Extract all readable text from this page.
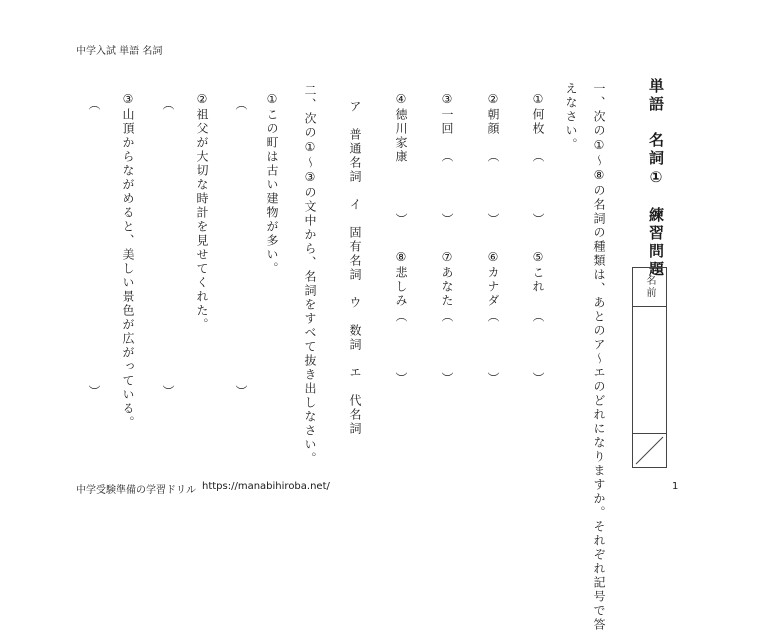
中学入試 単語 名詞
単語　名詞①　練習問題
名前
一、次の①〜⑧の名詞の種類は、あとのア〜エのどれになりますか。それぞれ記号で答
えなさい。
①何枚
②朝顔
③一回
④徳川家康	（
）
（
）
（
）
）
⑤これ
⑥カナダ
⑦あなた
⑧悲しみ
（
）
（
）
（
）
（
）
ア　普通名詞　イ　固有名詞　ウ　数詞　エ　代名詞
二、次の①〜③の文中から、名詞をすべて抜き出しなさい。
①この町は古い建物が多い。
②祖父が大切な時計を見せてくれた。
③山頂からながめると、美しい景色が広がっている。
（
）
（
）
（
）
中学受験準備の学習ドリル https://manabihiroba.net/	1
